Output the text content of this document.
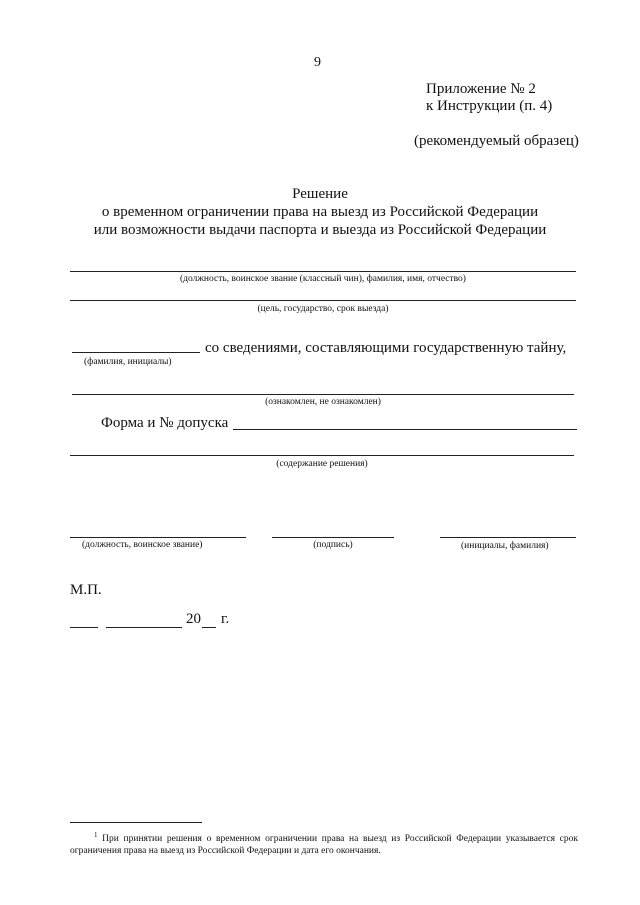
9
Приложение № 2
к Инструкции (п. 4)
(рекомендуемый образец)
Решение
о временном ограничении права на выезд из Российской Федерации
или возможности выдачи паспорта и выезда из Российской Федерации
(должность, воинское звание (классный чин), фамилия, имя, отчество)
(цель, государство, срок выезда)
со сведениями, составляющими государственную тайну,
(фамилия, инициалы)
(ознакомлен, не ознакомлен)
Форма и № допуска
(содержание решения)
(должность, воинское звание)	(подпись)	(инициалы, фамилия)
М.П.
20 г.
$^1$ При принятии решения о временном ограничении права на выезд из Российской Федерации указывается срок ограничения права на выезд из Российской Федерации и дата его окончания.
